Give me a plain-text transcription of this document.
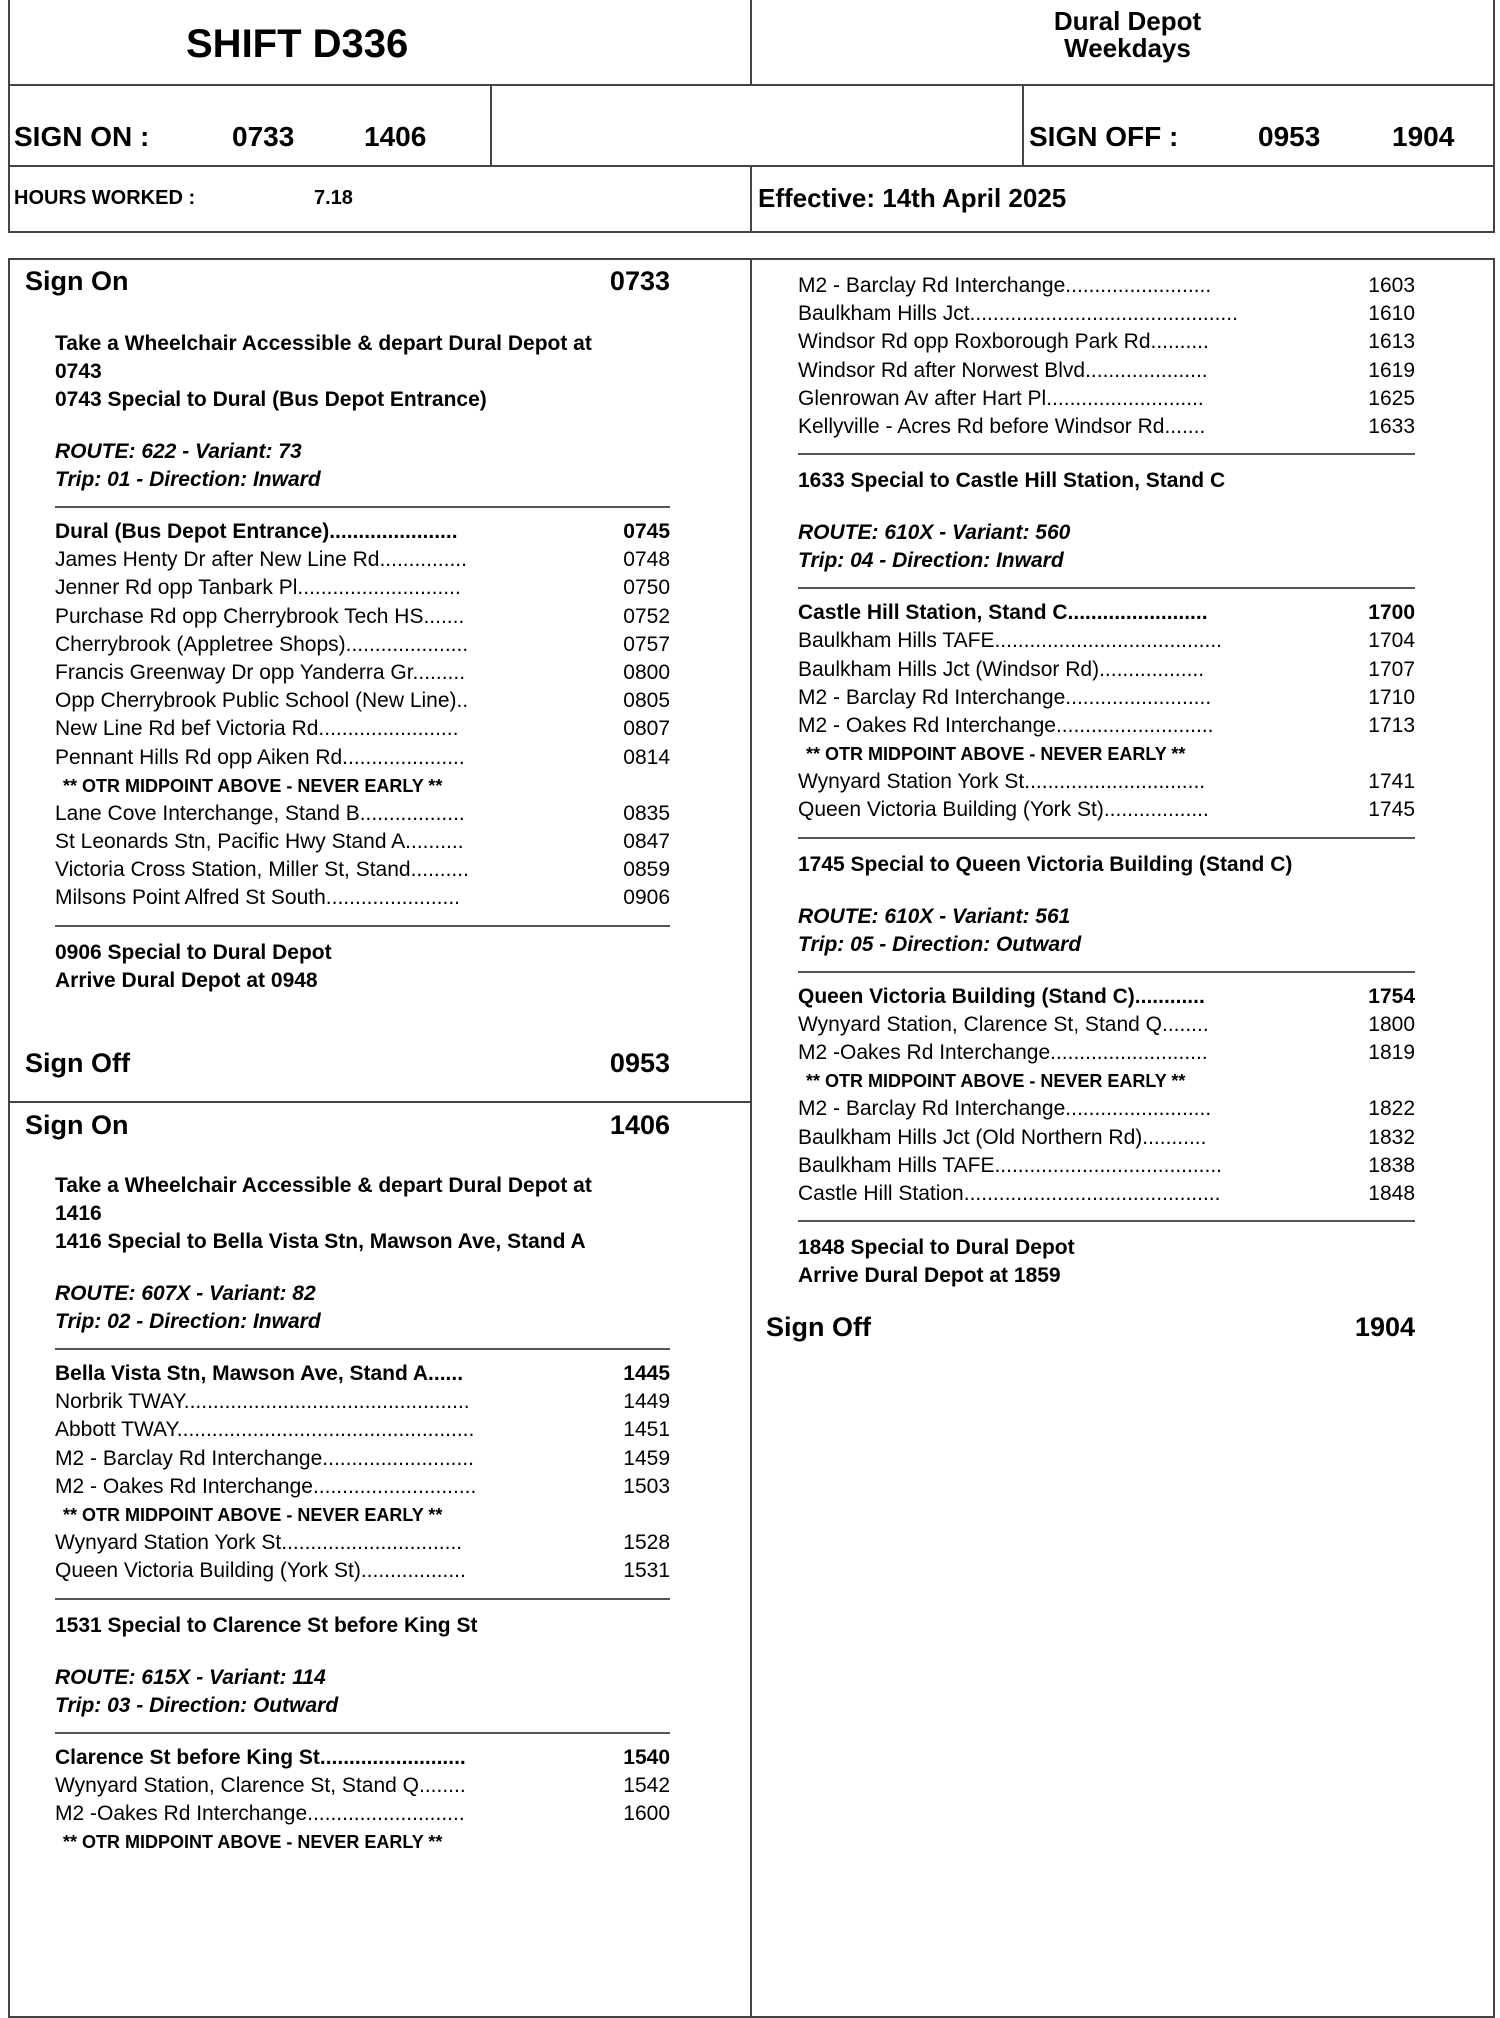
SHIFT D336
Dural Depot
Weekdays
SIGN ON :	0733 1406	SIGN OFF :	0953	1904
HOURS WORKED :	7.18	Effective: 14th April 2025
Sign On	0733
Take a Wheelchair Accessible & depart Dural Depot at
0743
0743 Special to Dural (Bus Depot Entrance)
ROUTE: 622 - Variant: 73
Trip: 01 - Direction: Inward
Dural (Bus Depot Entrance)......................	0745
James Henty Dr after New Line Rd...............	0748
Jenner Rd opp Tanbark Pl............................	0750
Purchase Rd opp Cherrybrook Tech HS.......	0752
Cherrybrook (Appletree Shops).....................	0757
Francis Greenway Dr opp Yanderra Gr.........	0800
Opp Cherrybrook Public School (New Line)..	0805
New Line Rd bef Victoria Rd........................	0807
Pennant Hills Rd opp Aiken Rd.....................	0814
** OTR MIDPOINT ABOVE - NEVER EARLY **
Lane Cove Interchange, Stand B..................	0835
St Leonards Stn, Pacific Hwy Stand A..........	0847
Victoria Cross Station, Miller St, Stand..........	0859
Milsons Point Alfred St South.......................	0906
0906 Special to Dural Depot
Arrive Dural Depot at 0948
Sign Off	0953
Sign On	1406
Take a Wheelchair Accessible & depart Dural Depot at
1416
1416 Special to Bella Vista Stn, Mawson Ave, Stand A
ROUTE: 607X - Variant: 82
Trip: 02 - Direction: Inward
Bella Vista Stn, Mawson Ave, Stand A......	1445
Norbrik TWAY.................................................	1449
Abbott TWAY...................................................	1451
M2 - Barclay Rd Interchange..........................	1459
M2 - Oakes Rd Interchange............................	1503
** OTR MIDPOINT ABOVE - NEVER EARLY **
Wynyard Station York St...............................	1528
Queen Victoria Building (York St)..................	1531
1531 Special to Clarence St before King St
ROUTE: 615X - Variant: 114
Trip: 03 - Direction: Outward
Clarence St before King St.........................	1540
Wynyard Station, Clarence St, Stand Q........	1542
M2 -Oakes Rd Interchange...........................	1600
** OTR MIDPOINT ABOVE - NEVER EARLY **
M2 - Barclay Rd Interchange.........................	1603
Baulkham Hills Jct..............................................	1610
Windsor Rd opp Roxborough Park Rd..........	1613
Windsor Rd after Norwest Blvd.....................	1619
Glenrowan Av after Hart Pl...........................	1625
Kellyville - Acres Rd before Windsor Rd.......	1633
1633 Special to Castle Hill Station, Stand C
ROUTE: 610X - Variant: 560
Trip: 04 - Direction: Inward
Castle Hill Station, Stand C........................	1700
Baulkham Hills TAFE.......................................	1704
Baulkham Hills Jct (Windsor Rd)..................	1707
M2 - Barclay Rd Interchange.........................	1710
M2 - Oakes Rd Interchange...........................	1713
** OTR MIDPOINT ABOVE - NEVER EARLY **
Wynyard Station York St...............................	1741
Queen Victoria Building (York St)..................	1745
1745 Special to Queen Victoria Building (Stand C)
ROUTE: 610X - Variant: 561
Trip: 05 - Direction: Outward
Queen Victoria Building (Stand C)............	1754
Wynyard Station, Clarence St, Stand Q........	1800
M2 -Oakes Rd Interchange...........................	1819
** OTR MIDPOINT ABOVE - NEVER EARLY **
M2 - Barclay Rd Interchange.........................	1822
Baulkham Hills Jct (Old Northern Rd)...........	1832
Baulkham Hills TAFE.......................................	1838
Castle Hill Station............................................	1848
1848 Special to Dural Depot
Arrive Dural Depot at 1859
Sign Off	1904
